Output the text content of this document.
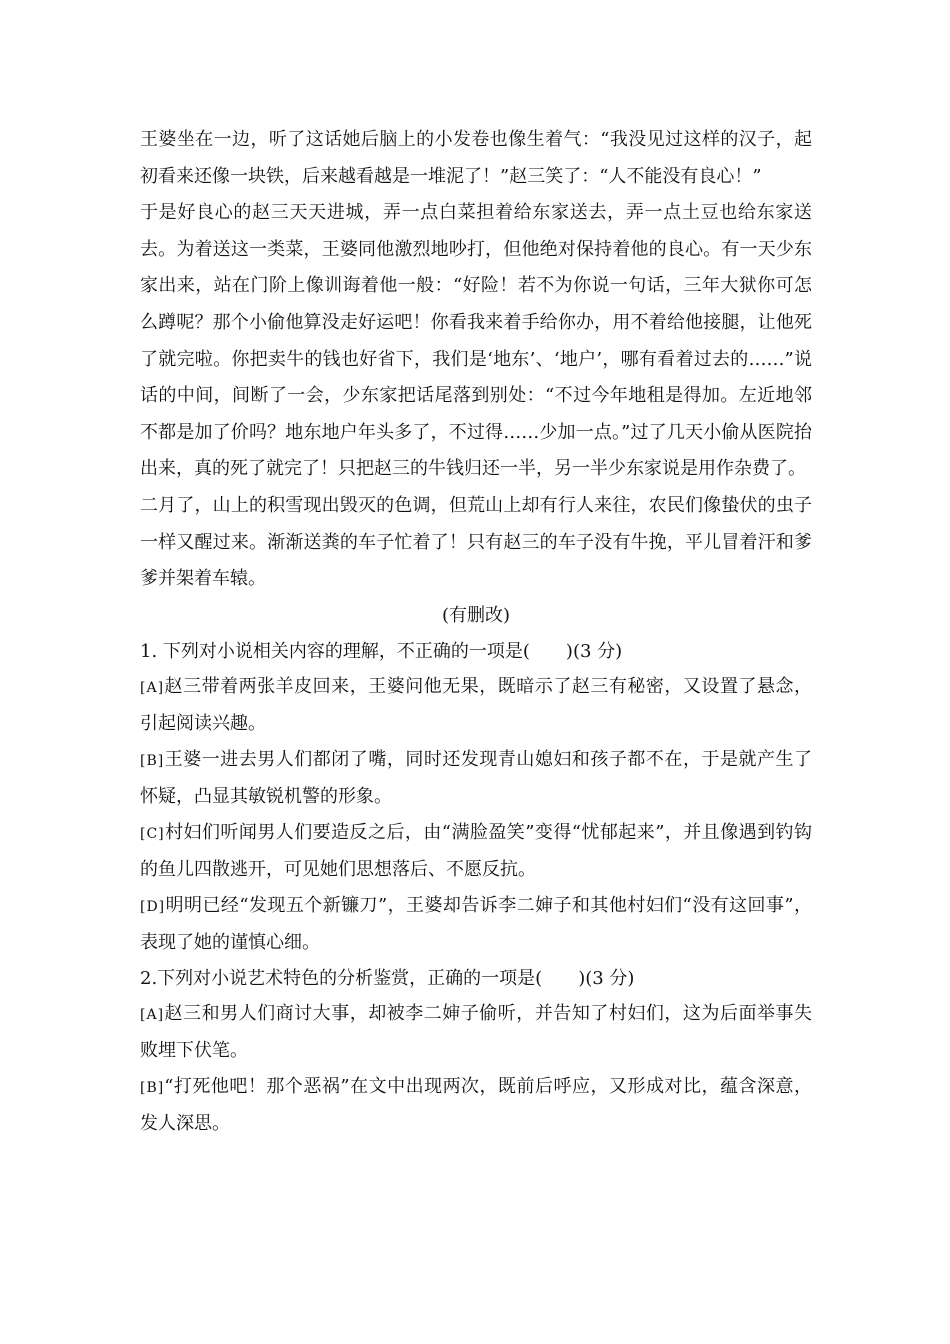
王婆坐在一边，听了这话她后脑上的小发卷也像生着气：“我没见过这样的汉子，起初看来还像一块铁，后来越看越是一堆泥了！”赵三笑了：“人不能没有良心！”

于是好良心的赵三天天进城，弄一点白菜担着给东家送去，弄一点土豆也给东家送去。为着送这一类菜，王婆同他激烈地吵打，但他绝对保持着他的良心。有一天少东家出来，站在门阶上像训诲着他一般：“好险！若不为你说一句话，三年大狱你可怎么蹲呢？那个小偷他算没走好运吧！你看我来着手给你办，用不着给他接腿，让他死了就完啦。你把卖牛的钱也好省下，我们是‘地东’、‘地户’，哪有看着过去的……”说话的中间，间断了一会，少东家把话尾落到别处：“不过今年地租是得加。左近地邻不都是加了价吗？地东地户年头多了，不过得……少加一点。”过了几天小偷从医院抬出来，真的死了就完了！只把赵三的牛钱归还一半，另一半少东家说是用作杂费了。

二月了，山上的积雪现出毁灭的色调，但荒山上却有行人来往，农民们像蛰伏的虫子一样又醒过来。渐渐送粪的车子忙着了！只有赵三的车子没有牛挽，平儿冒着汗和爹爹并架着车辕。

(有删改)

1. 下列对小说相关内容的理解，不正确的一项是(　　)(3 分)

[A]赵三带着两张羊皮回来，王婆问他无果，既暗示了赵三有秘密，又设置了悬念，引起阅读兴趣。

[B]王婆一进去男人们都闭了嘴，同时还发现青山媳妇和孩子都不在，于是就产生了怀疑，凸显其敏锐机警的形象。

[C]村妇们听闻男人们要造反之后，由“满脸盈笑”变得“忧郁起来”，并且像遇到钓钩的鱼儿四散逃开，可见她们思想落后、不愿反抗。

[D]明明已经“发现五个新镰刀”，王婆却告诉李二婶子和其他村妇们“没有这回事”，表现了她的谨慎心细。

2.下列对小说艺术特色的分析鉴赏，正确的一项是(　　)(3 分)

[A]赵三和男人们商讨大事，却被李二婶子偷听，并告知了村妇们，这为后面举事失败埋下伏笔。

[B]“打死他吧！那个恶祸”在文中出现两次，既前后呼应，又形成对比，蕴含深意，发人深思。
